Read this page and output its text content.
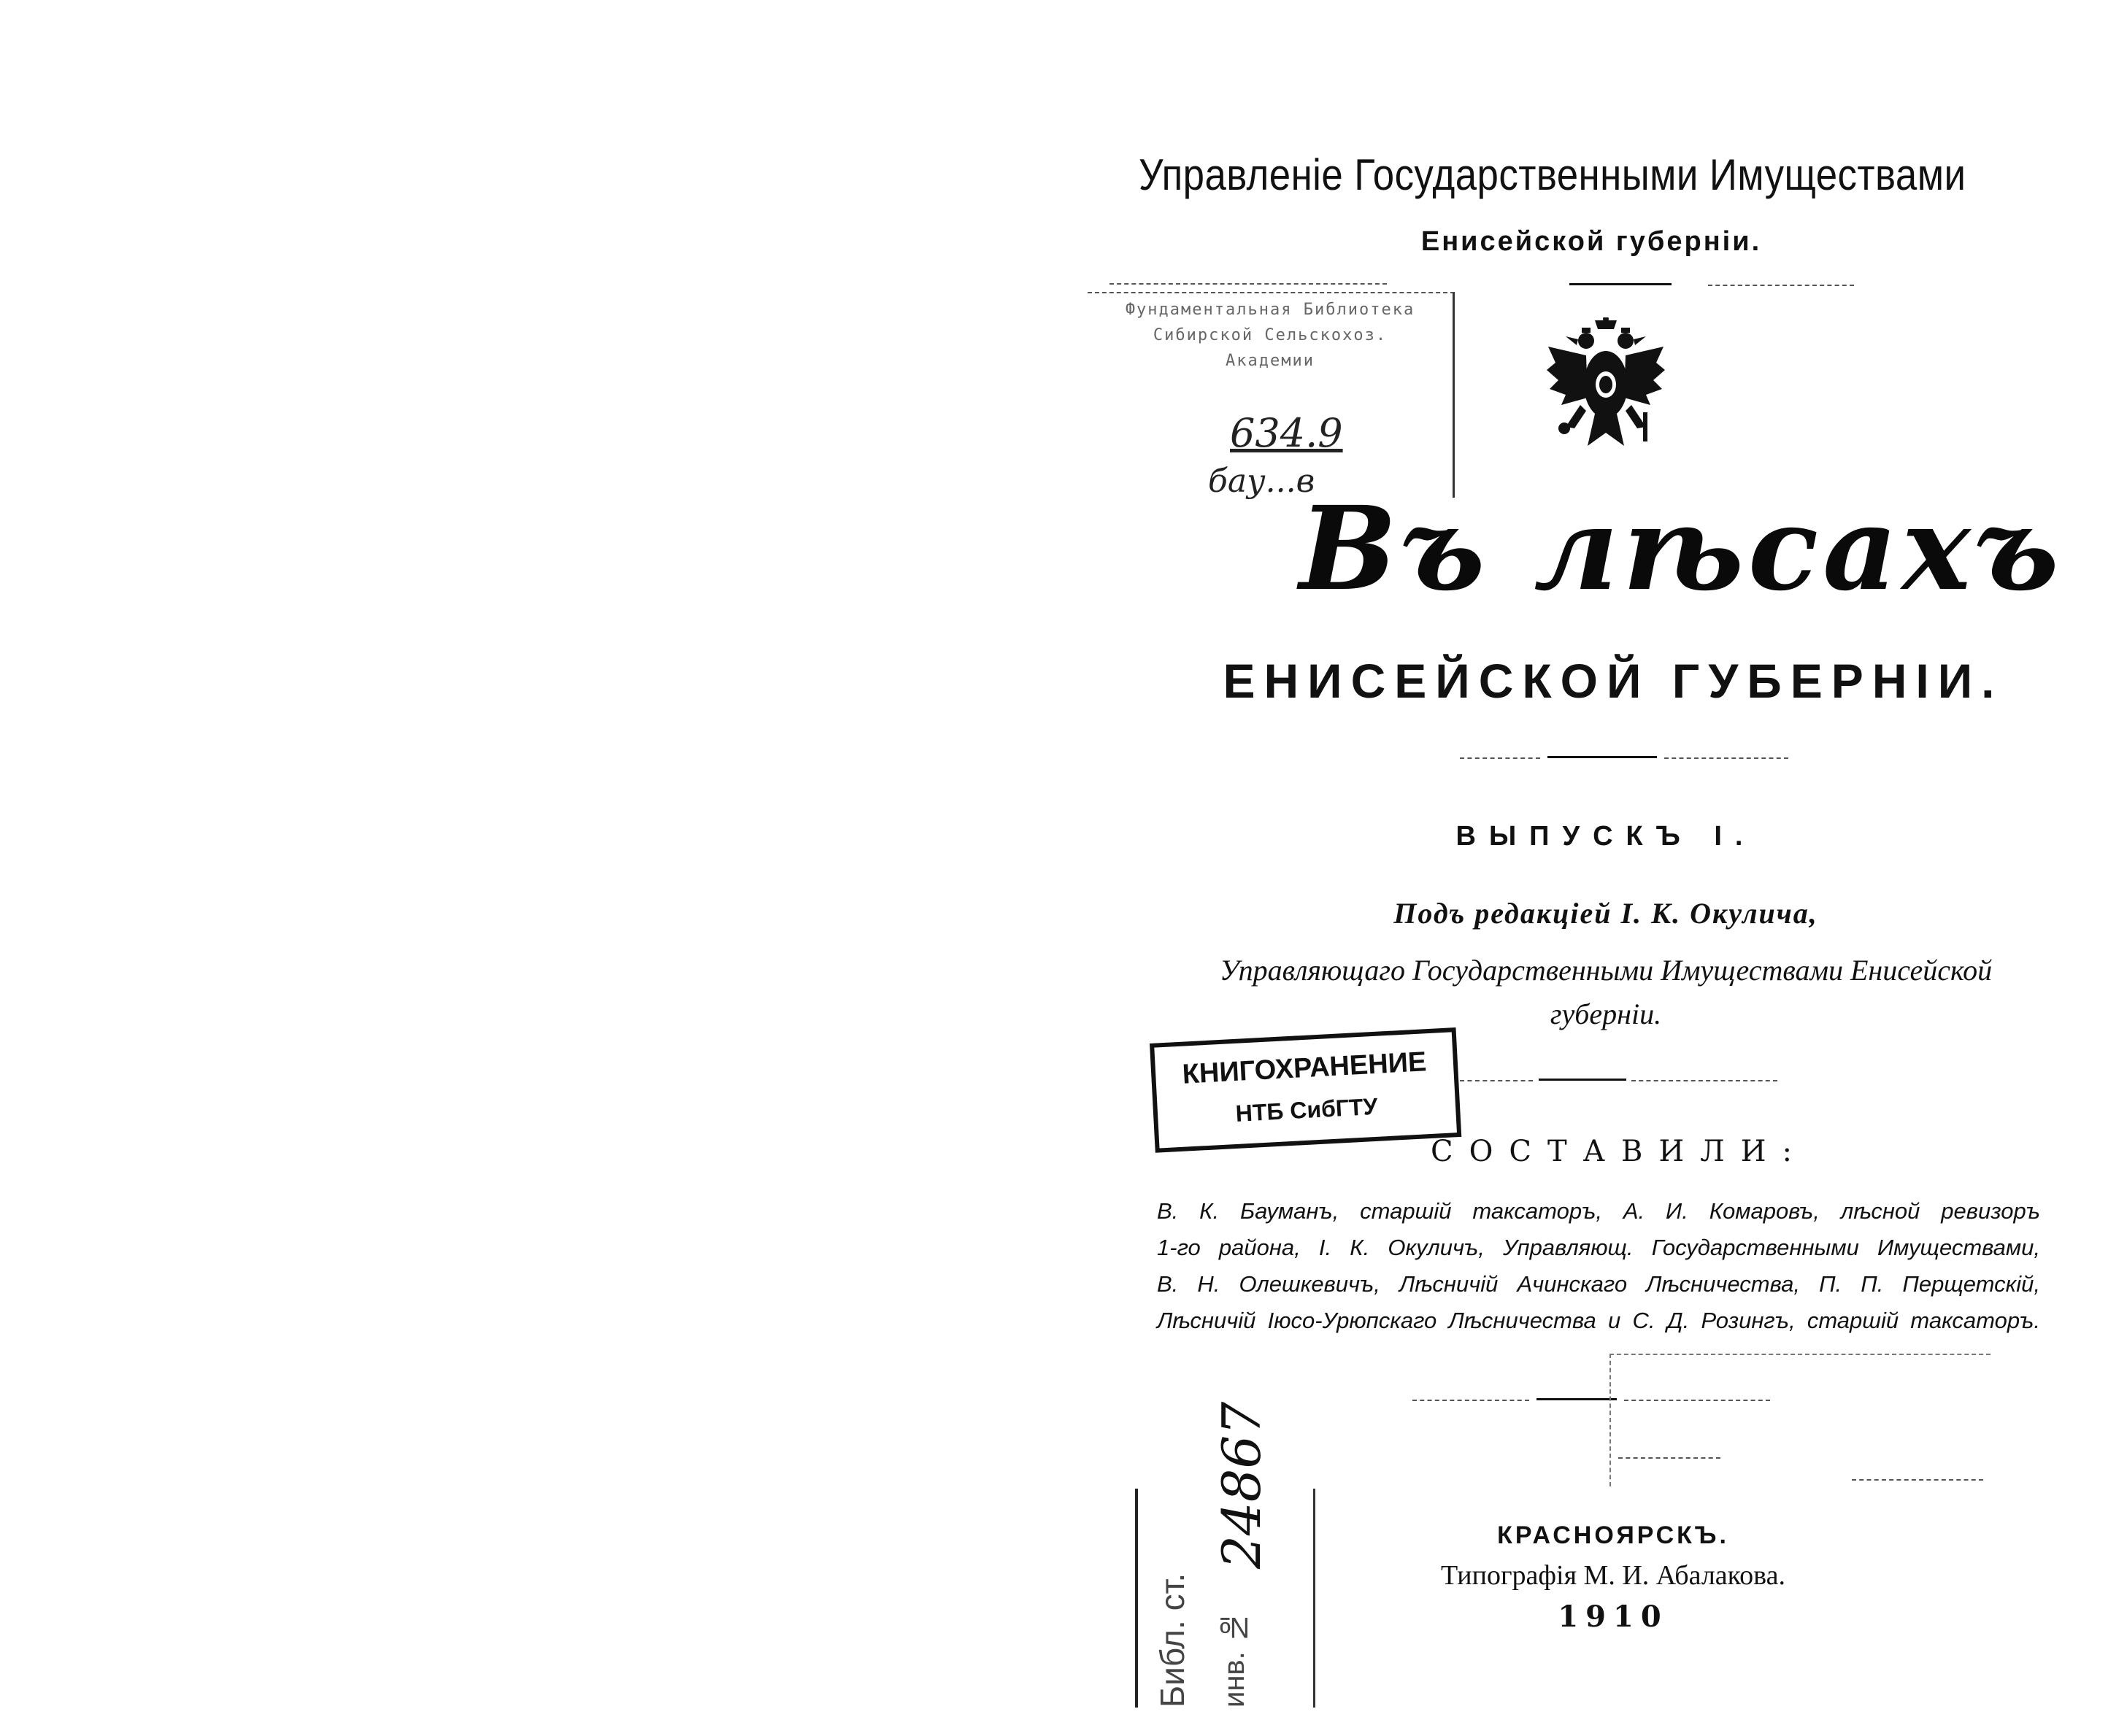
Управленіе Государственными Имуществами
Енисейской губерніи.
Фундаментальная Библиотека
Сибирской Сельскохоз.
Академии
634.9
бау...в
Въ лѣсахъ
ЕНИСЕЙСКОЙ ГУБЕРНІИ.
ВЫПУСКЪ I.
Подъ редакціей І. К. Окулича,
Управляющаго Государственными Имуществами Енисейской губерніи.
КНИГОХРАНЕНИЕ
НТБ СибГТУ
СОСТАВИЛИ:
В. К. Бауманъ, старшій таксаторъ, А. И. Комаровъ, лѣсной ревизоръ
1-го района, І. К. Окуличъ, Управляющ. Государственными Имуществами,
В. Н. Олешкевичъ, Лѣсничій Ачинскаго Лѣсничества, П. П. Перщетскій,
Лѣсничій Іюсо-Урюпскаго Лѣсничества и С. Д. Розингъ, старшій таксаторъ.
Библ. ст. инв. №
24867	КРАСНОЯРСКЪ.
Типографія М. И. Абалакова.
1910
